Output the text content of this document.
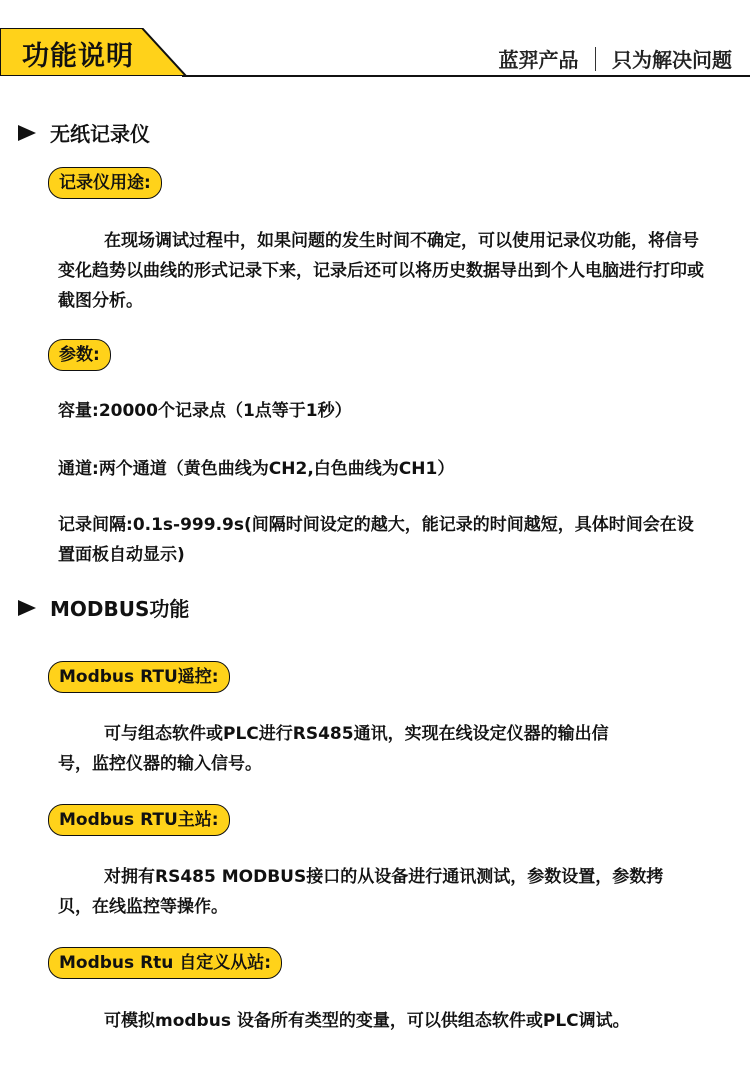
功能说明	蓝羿产品 只为解决问题
无纸记录仪
记录仪用途:
在现场调试过程中，如果问题的发生时间不确定，可以使用记录仪功能，将信号变化趋势以曲线的形式记录下来，记录后还可以将历史数据导出到个人电脑进行打印或截图分析。
参数:
容量:20000个记录点（1点等于1秒）
通道:两个通道（黄色曲线为CH2,白色曲线为CH1）
记录间隔:0.1s-999.9s(间隔时间设定的越大，能记录的时间越短，具体时间会在设置面板自动显示)
MODBUS功能
Modbus RTU遥控:
可与组态软件或PLC进行RS485通讯，实现在线设定仪器的输出信号，监控仪器的输入信号。
Modbus RTU主站:
对拥有RS485 MODBUS接口的从设备进行通讯测试，参数设置，参数拷贝，在线监控等操作。
Modbus Rtu 自定义从站:
可模拟modbus 设备所有类型的变量，可以供组态软件或PLC调试。
